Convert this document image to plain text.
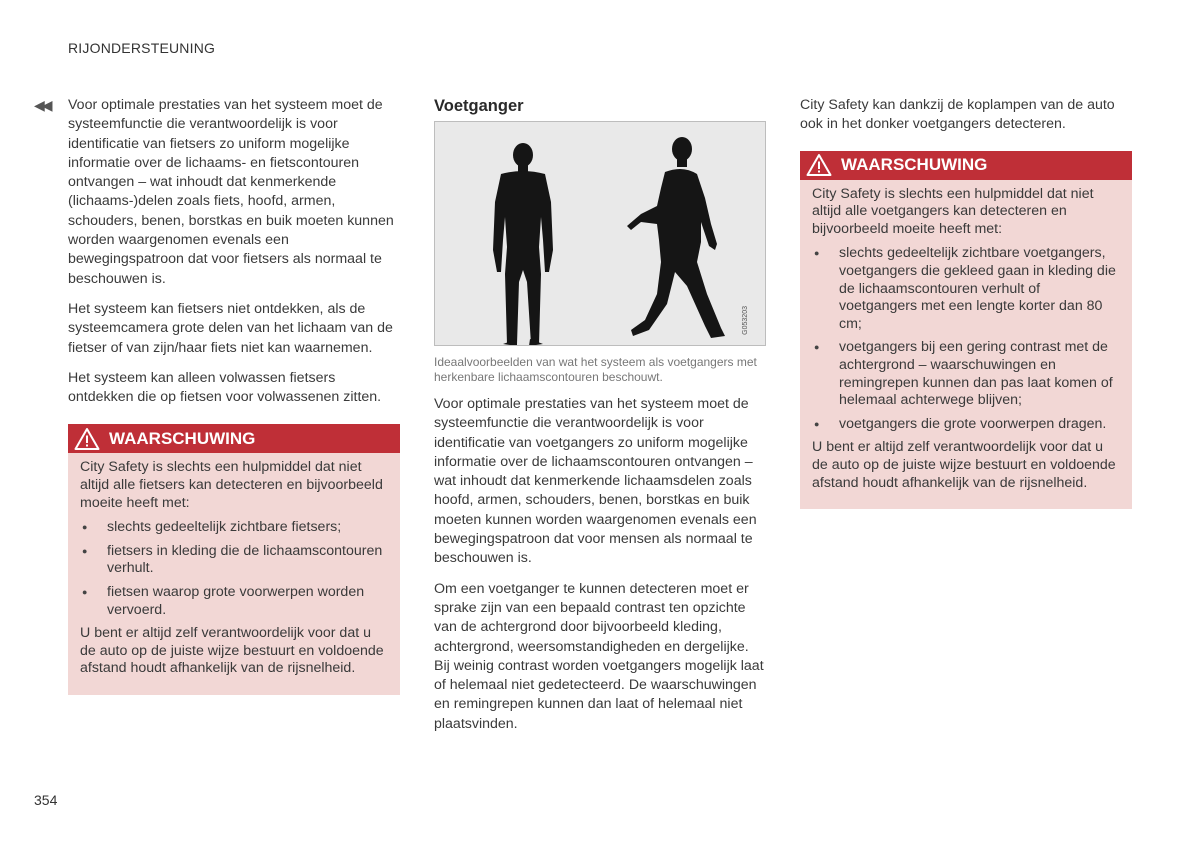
RIJONDERSTEUNING
◀◀ Voor optimale prestaties van het systeem moet de systeemfunctie die verantwoordelijk is voor identificatie van fietsers zo uniform mogelijke informatie over de lichaams- en fietscontouren ontvangen – wat inhoudt dat kenmerkende (lichaams-)delen zoals fiets, hoofd, armen, schouders, benen, borstkas en buik moeten kunnen worden waargenomen evenals een bewegingspatroon dat voor fietsers als normaal te beschouwen is.

Het systeem kan fietsers niet ontdekken, als de systeemcamera grote delen van het lichaam van de fietser of van zijn/haar fiets niet kan waarnemen.

Het systeem kan alleen volwassen fietsers ontdekken die op fietsen voor volwassenen zitten.

WAARSCHUWING

City Safety is slechts een hulpmiddel dat niet altijd alle fietsers kan detecteren en bijvoorbeeld moeite heeft met:

● slechts gedeeltelijk zichtbare fietsers;
● fietsers in kleding die de lichaamscontouren verhult.
● fietsen waarop grote voorwerpen worden vervoerd.

U bent er altijd zelf verantwoordelijk voor dat u de auto op de juiste wijze bestuurt en voldoende afstand houdt afhankelijk van de rijsnelheid.

Voetganger
G053203
Ideaalvoorbeelden van wat het systeem als voetgangers met herkenbare lichaamscontouren beschouwt.

Voor optimale prestaties van het systeem moet de systeemfunctie die verantwoordelijk is voor identificatie van voetgangers zo uniform mogelijke informatie over de lichaamscontouren ontvangen – wat inhoudt dat kenmerkende lichaamsdelen zoals hoofd, armen, schouders, benen, borstkas en buik moeten kunnen worden waargenomen evenals een bewegingspatroon dat voor mensen als normaal te beschouwen is.

Om een voetganger te kunnen detecteren moet er sprake zijn van een bepaald contrast ten opzichte van de achtergrond door bijvoorbeeld kleding, achtergrond, weersomstandigheden en dergelijke. Bij weinig contrast worden voetgangers mogelijk laat of helemaal niet gedetecteerd. De waarschuwingen en remingrepen kunnen dan laat of helemaal niet plaatsvinden.

City Safety kan dankzij de koplampen van de auto ook in het donker voetgangers detecteren.

WAARSCHUWING

City Safety is slechts een hulpmiddel dat niet altijd alle voetgangers kan detecteren en bijvoorbeeld moeite heeft met:

● slechts gedeeltelijk zichtbare voetgangers, voetgangers die gekleed gaan in kleding die de lichaamscontouren verhult of voetgangers met een lengte korter dan 80 cm;
● voetgangers bij een gering contrast met de achtergrond – waarschuwingen en remingrepen kunnen dan pas laat komen of helemaal achterwege blijven;
● voetgangers die grote voorwerpen dragen.

U bent er altijd zelf verantwoordelijk voor dat u de auto op de juiste wijze bestuurt en voldoende afstand houdt afhankelijk van de rijsnelheid.

354
